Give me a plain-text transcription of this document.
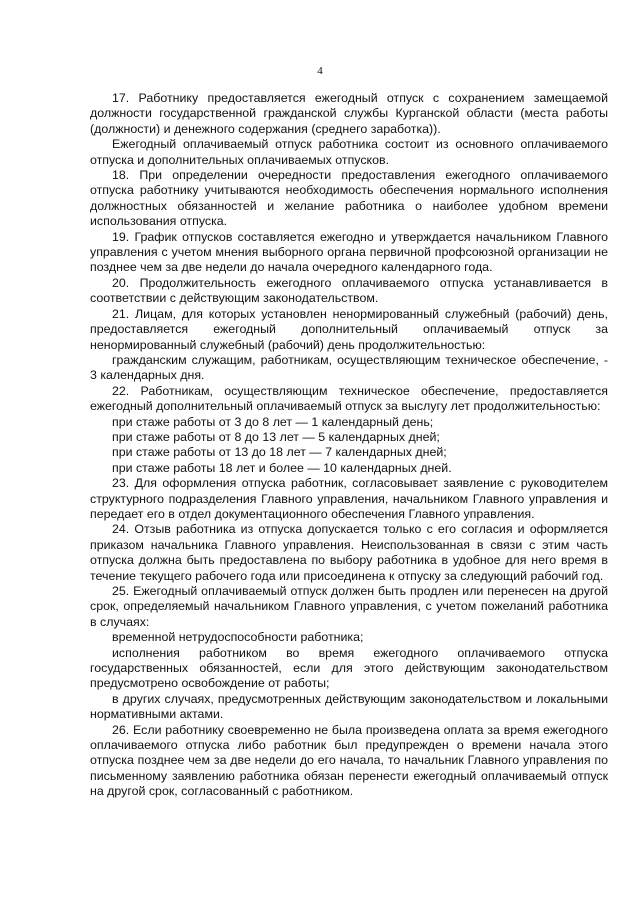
4

17. Работнику предоставляется ежегодный отпуск с сохранением замещаемой должности государственной гражданской службы Курганской области (места работы (должности) и денежного содержания (среднего заработка)).

Ежегодный оплачиваемый отпуск работника состоит из основного оплачиваемого отпуска и дополнительных оплачиваемых отпусков.

18. При определении очередности предоставления ежегодного оплачиваемого отпуска работнику учитываются необходимость обеспечения нормального исполнения должностных обязанностей и желание работника о наиболее удобном времени использования отпуска.

19. График отпусков составляется ежегодно и утверждается начальником Главного управления с учетом мнения выборного органа первичной профсоюзной организации не позднее чем за две недели до начала очередного календарного года.

20. Продолжительность ежегодного оплачиваемого отпуска устанавливается в соответствии с действующим законодательством.

21. Лицам, для которых установлен ненормированный служебный (рабочий) день, предоставляется ежегодный дополнительный оплачиваемый отпуск за ненормированный служебный (рабочий) день продолжительностью:

гражданским служащим, работникам, осуществляющим техническое обеспечение, - 3 календарных дня.

22. Работникам, осуществляющим техническое обеспечение, предоставляется ежегодный дополнительный оплачиваемый отпуск за выслугу лет продолжительностью:

при стаже работы от 3 до 8 лет — 1 календарный день;

при стаже работы от 8 до 13 лет — 5 календарных дней;

при стаже работы от 13 до 18 лет — 7 календарных дней;

при стаже работы 18 лет и более — 10 календарных дней.

23. Для оформления отпуска работник, согласовывает заявление с руководителем структурного подразделения Главного управления, начальником Главного управления и передает его в отдел документационного обеспечения Главного управления.

24. Отзыв работника из отпуска допускается только с его согласия и оформляется приказом начальника Главного управления. Неиспользованная в связи с этим часть отпуска должна быть предоставлена по выбору работника в удобное для него время в течение текущего рабочего года или присоединена к отпуску за следующий рабочий год.

25. Ежегодный оплачиваемый отпуск должен быть продлен или перенесен на другой срок, определяемый начальником Главного управления, с учетом пожеланий работника в случаях:

временной нетрудоспособности работника;

исполнения работником во время ежегодного оплачиваемого отпуска государственных обязанностей, если для этого действующим законодательством предусмотрено освобождение от работы;

в других случаях, предусмотренных действующим законодательством и локальными нормативными актами.

26. Если работнику своевременно не была произведена оплата за время ежегодного оплачиваемого отпуска либо работник был предупрежден о времени начала этого отпуска позднее чем за две недели до его начала, то начальник Главного управления по письменному заявлению работника обязан перенести ежегодный оплачиваемый отпуск на другой срок, согласованный с работником.
